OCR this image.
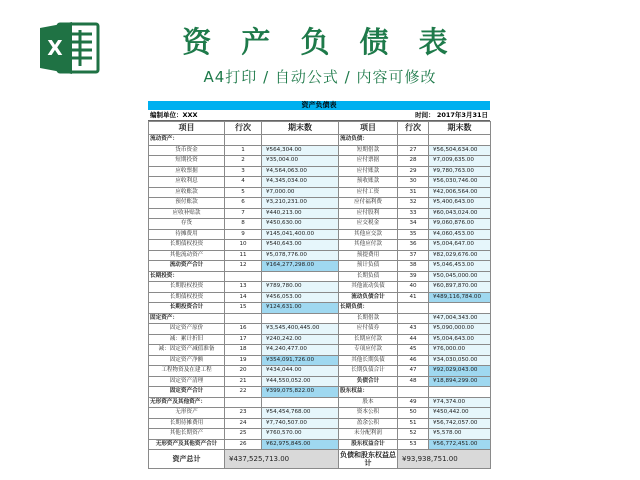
X	资 产 负 债 表
A4打印 / 自动公式 / 内容可修改
资产负债表
编制单位：XXX	时间： 2017年3月31日
项目	行次	期末数	项目	行次	期末数
流动资产：			流动负债：		
货币资金	1	¥564,304.00	短期借款	27	¥56,504,634.00
短期投资	2	¥35,004.00	应付票据	28	¥7,009,635.00
应收票据	3	¥4,564,063.00	应付账款	29	¥9,780,763.00
应收利息	4	¥4,345,034.00	预收账款	30	¥56,030,746.00
应收账款	5	¥7,000.00	应付工资	31	¥42,006,564.00
预付账款	6	¥3,210,231.00	应付福利费	32	¥5,400,643.00
应收补贴款	7	¥440,213.00	应付股利	33	¥60,043,024.00
存货	8	¥450,630.00	应交税金	34	¥9,060,876.00
待摊费用	9	¥145,041,400.00	其他应交款	35	¥4,060,453.00
长期债权投资	10	¥540,643.00	其他应付款	36	¥5,004,647.00
其他流动资产	11	¥5,078,776.00	预提费用	37	¥82,029,676.00
流动资产合计	12	¥164,277,298.00	预计负债	38	¥5,046,453.00
长期投资：			长期负债	39	¥50,045,000.00
长期股权投资	13	¥789,780.00	其他流动负债	40	¥60,897,870.00
长期债权投资	14	¥456,053.00	流动负债合计	41	¥489,116,784.00
长期投资合计	15	¥124,631.00	长期负债：		
固定资产：			长期借款		¥47,004,343.00
固定资产原价	16	¥3,545,400,445.00	应付债券	43	¥5,090,000.00
减：累计折旧	17	¥240,242.00	长期应付款	44	¥5,004,643.00
减：固定资产减值准备	18	¥4,240,477.00	专项应付款	45	¥76,000.00
固定资产净额	19	¥354,091,726.00	其他长期负债	46	¥34,030,050.00
工程物资及在建工程	20	¥434,044.00	长期负债合计	47	¥92,029,043.00
固定资产清理	21	¥44,550,052.00	负债合计	48	¥18,894,299.00
固定资产合计	22	¥399,075,822.00	股东权益：		
无形资产及其他资产：			股本	49	¥74,374.00
无形资产	23	¥54,454,768.00	资本公积	50	¥450,442.00
长期待摊费用	24	¥7,740,507.00	盈余公积	51	¥56,742,057.00
其他长期资产	25	¥760,570.00	未分配利润	52	¥5,578.00
无形资产及其他资产合计	26	¥62,975,845.00	股东权益合计	53	¥56,772,451.00
资产总计	¥437,525,713.00		负债和股东权益总计	¥93,938,751.00	
